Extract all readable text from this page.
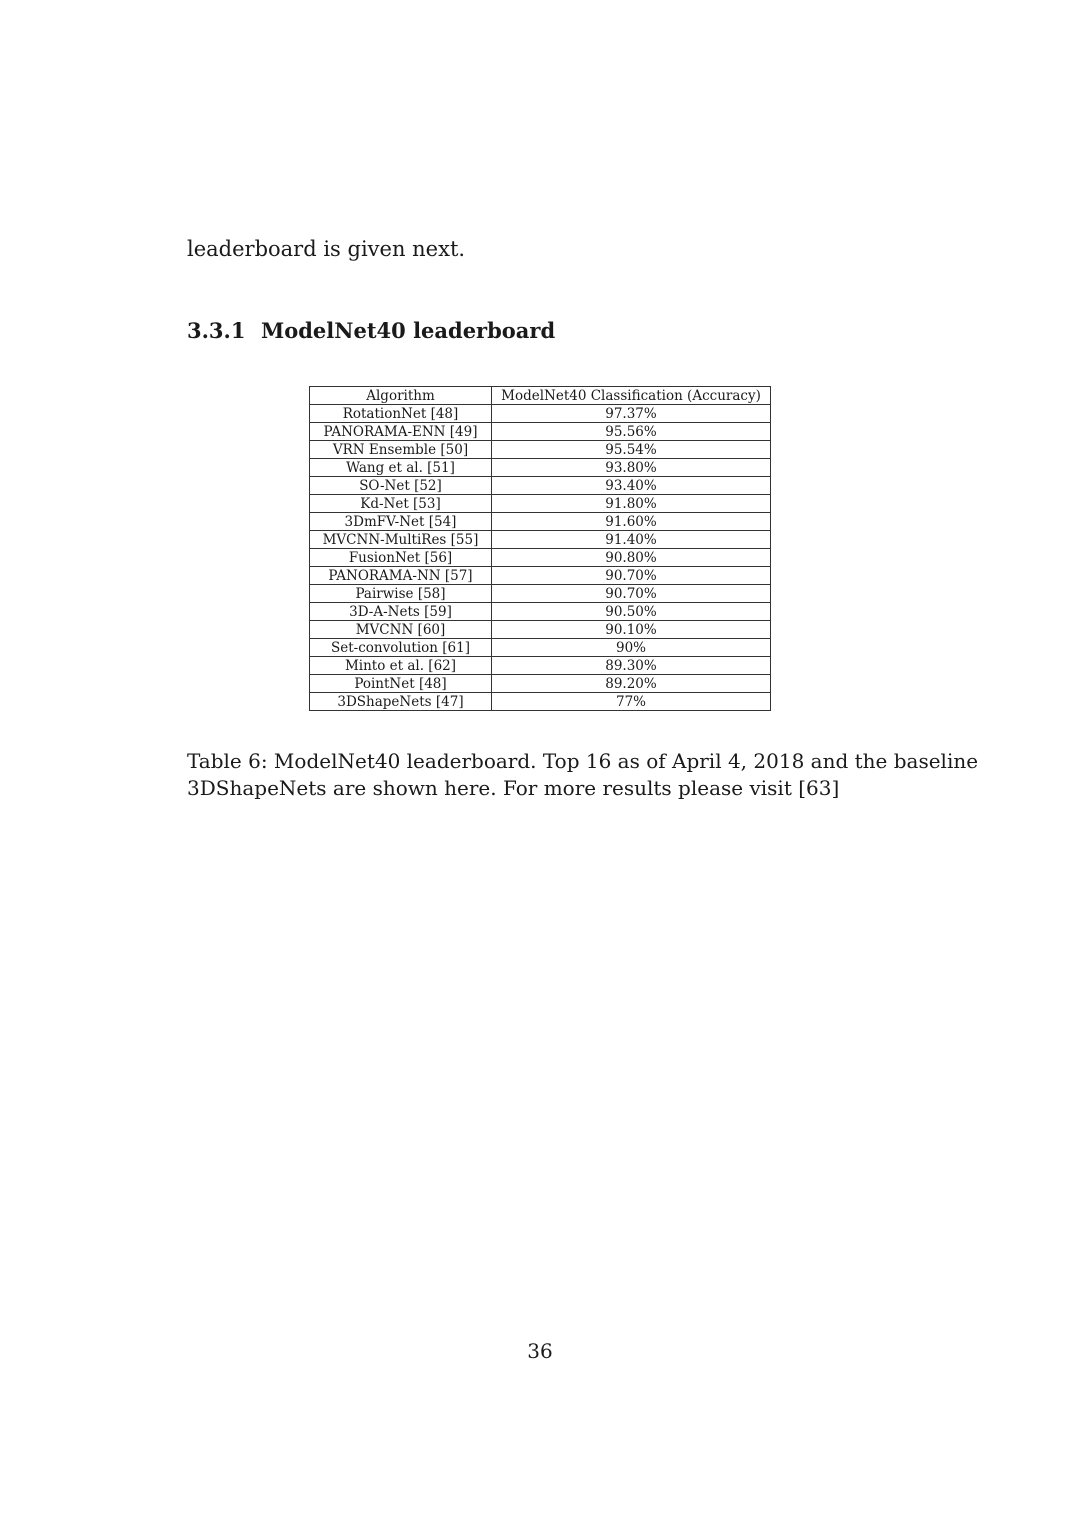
leaderboard is given next.

3.3.1 ModelNet40 leaderboard
Algorithm	ModelNet40 Classification (Accuracy)
RotationNet [48]	97.37%
PANORAMA-ENN [49]	95.56%
VRN Ensemble [50]	95.54%
Wang et al. [51]	93.80%
SO-Net [52]	93.40%
Kd-Net [53]	91.80%
3DmFV-Net [54]	91.60%
MVCNN-MultiRes [55]	91.40%
FusionNet [56]	90.80%
PANORAMA-NN [57]	90.70%
Pairwise [58]	90.70%
3D-A-Nets [59]	90.50%
MVCNN [60]	90.10%
Set-convolution [61]	90%
Minto et al. [62]	89.30%
PointNet [48]	89.20%
3DShapeNets [47]	77%
Table 6: ModelNet40 leaderboard. Top 16 as of April 4, 2018 and the baseline
3DShapeNets are shown here. For more results please visit [63]
36
